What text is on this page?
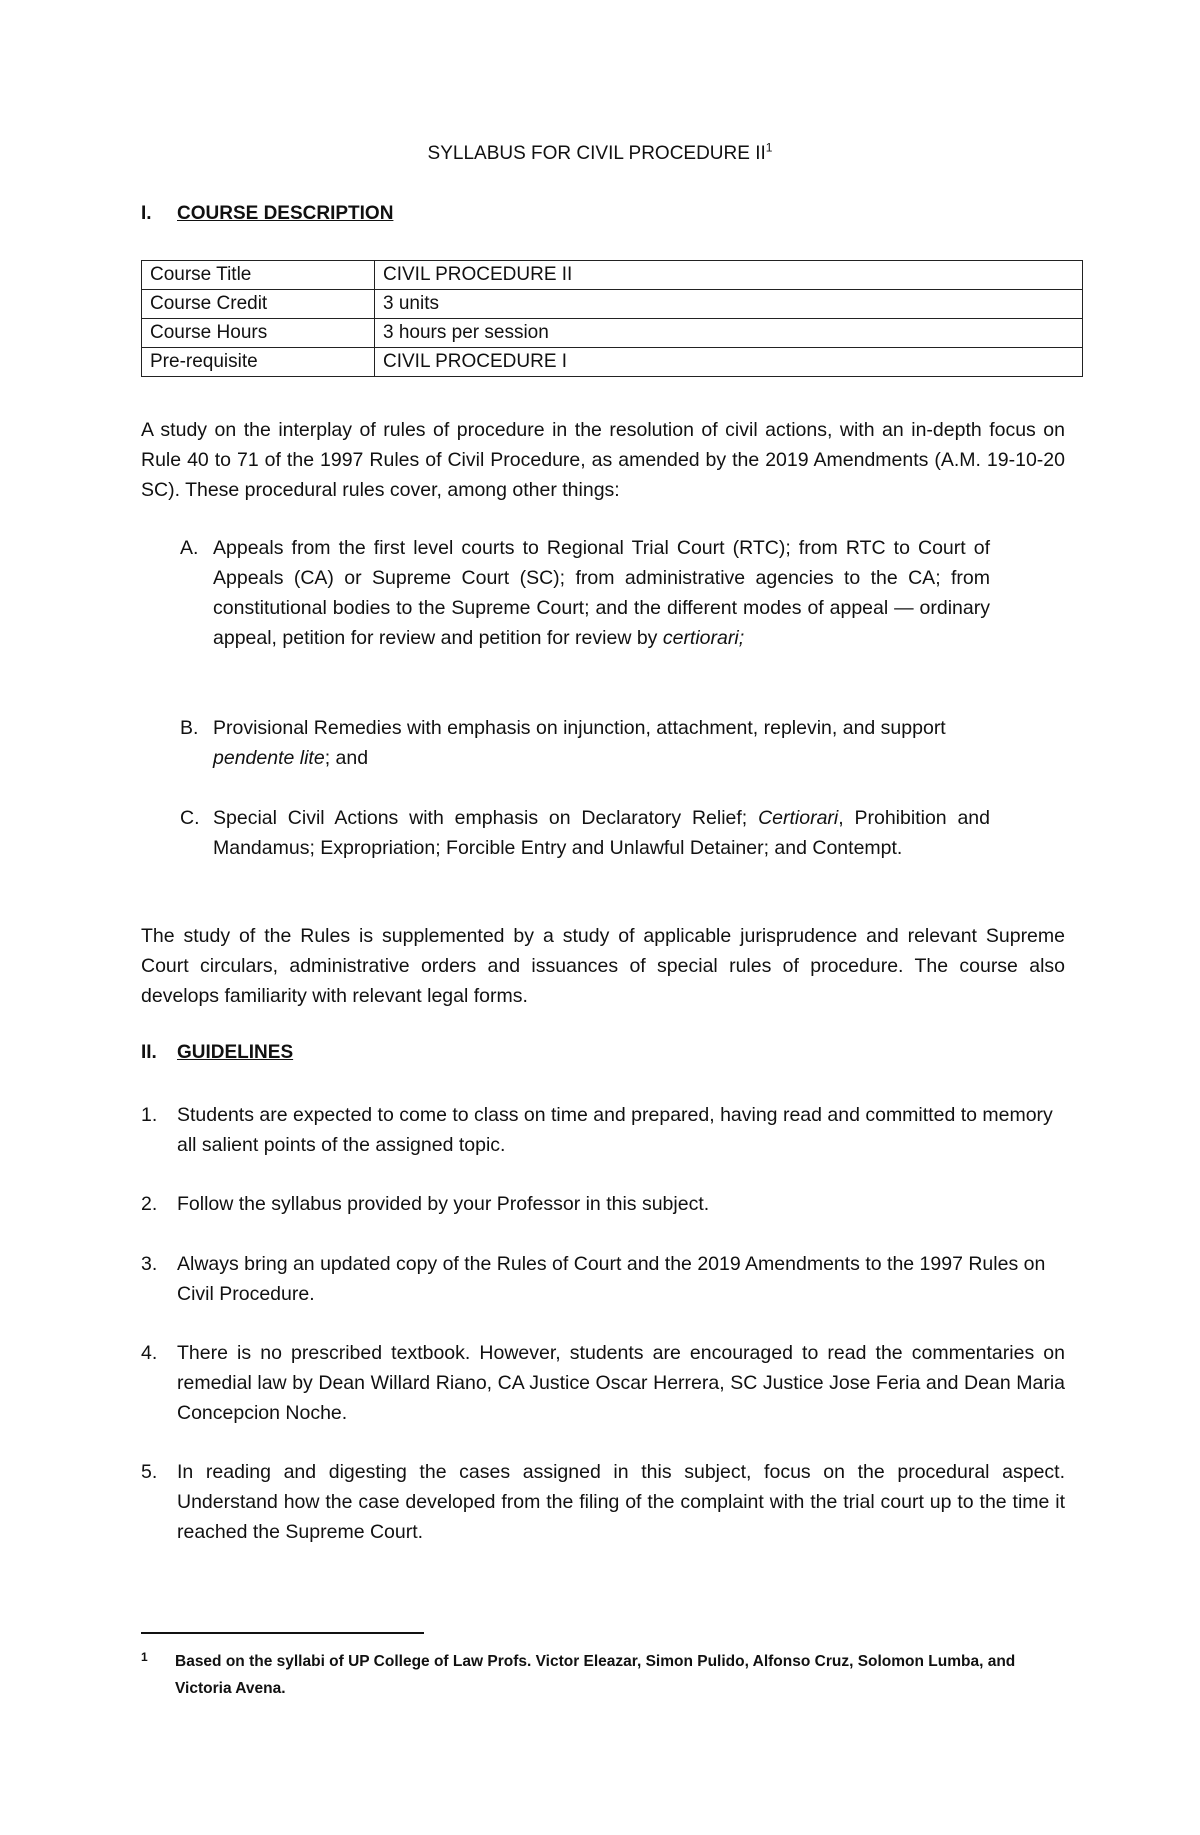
SYLLABUS FOR CIVIL PROCEDURE $II^1$
I. COURSE DESCRIPTION
Course Title	CIVIL PROCEDURE II
Course Credit	3 units
Course Hours	3 hours per session
Pre-requisite	CIVIL PROCEDURE I
A study on the interplay of rules of procedure in the resolution of civil actions, with an in-depth focus on Rule 40 to 71 of the 1997 Rules of Civil Procedure, as amended by the 2019 Amendments (A.M. 19-10-20 SC). These procedural rules cover, among other things:
A. Appeals from the first level courts to Regional Trial Court (RTC); from RTC to Court of Appeals (CA) or Supreme Court (SC); from administrative agencies to the CA; from constitutional bodies to the Supreme Court; and the different modes of appeal — ordinary appeal, petition for review and petition for review by certiorari;
B. Provisional Remedies with emphasis on injunction, attachment, replevin, and support pendente lite; and
C. Special Civil Actions with emphasis on Declaratory Relief; Certiorari, Prohibition and Mandamus; Expropriation; Forcible Entry and Unlawful Detainer; and Contempt.
The study of the Rules is supplemented by a study of applicable jurisprudence and relevant Supreme Court circulars, administrative orders and issuances of special rules of procedure. The course also develops familiarity with relevant legal forms.
II. GUIDELINES
1. Students are expected to come to class on time and prepared, having read and committed to memory all salient points of the assigned topic.
2. Follow the syllabus provided by your Professor in this subject.
3. Always bring an updated copy of the Rules of Court and the 2019 Amendments to the 1997 Rules on Civil Procedure.
4. There is no prescribed textbook. However, students are encouraged to read the commentaries on remedial law by Dean Willard Riano, CA Justice Oscar Herrera, SC Justice Jose Feria and Dean Maria Concepcion Noche.
5. In reading and digesting the cases assigned in this subject, focus on the procedural aspect. Understand how the case developed from the filing of the complaint with the trial court up to the time it reached the Supreme Court.
1	Based on the syllabi of UP College of Law Profs. Victor Eleazar, Simon Pulido, Alfonso Cruz, Solomon Lumba, and Victoria Avena.
